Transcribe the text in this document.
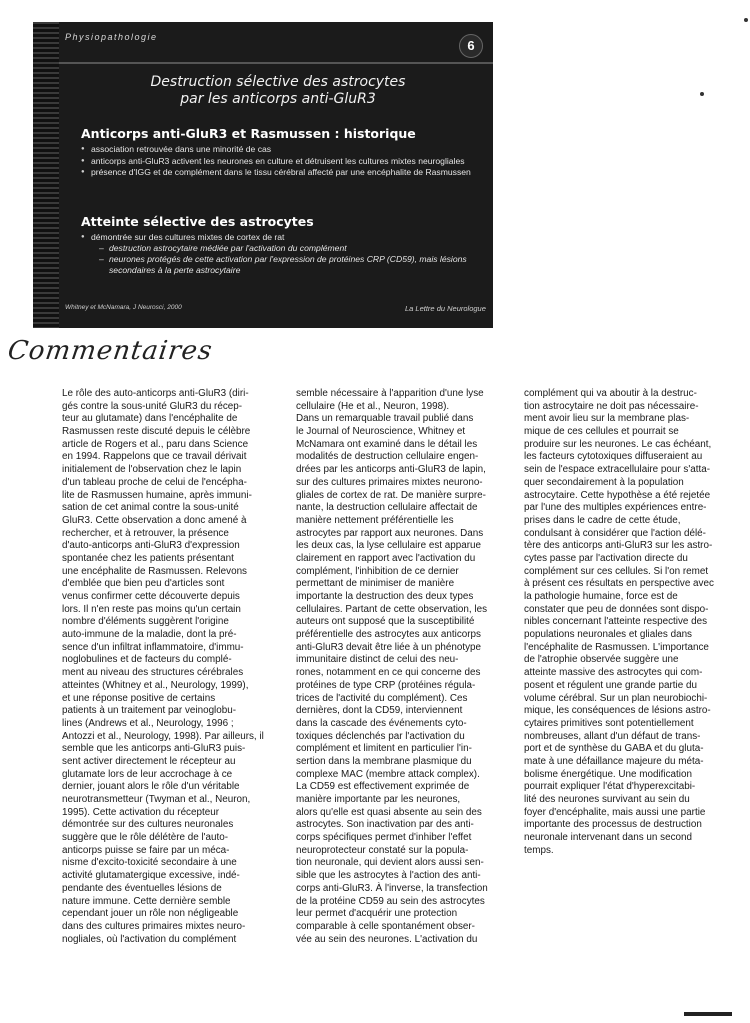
Physiopathologie
6
Destruction sélective des astrocytes
par les anticorps anti-GluR3
Anticorps anti-GluR3 et Rasmussen : historique
● association retrouvée dans une minorité de cas
● anticorps anti-GluR3 activent les neurones en culture et détruisent les cultures mixtes neurogliales
● présence d'IGG et de complément dans le tissu cérébral affecté par une encéphalite de Rasmussen
Atteinte sélective des astrocytes
● démontrée sur des cultures mixtes de cortex de rat
– destruction astrocytaire médiée par l'activation du complément
– neurones protégés de cette activation par l'expression de protéines CRP (CD59), mais lésions secondaires à la perte astrocytaire
Whitney et McNamara, J Neurosci, 2000	La Lettre du Neurologue
Commentaires
Le rôle des auto-anticorps anti-GluR3 (diri-
gés contre la sous-unité GluR3 du récep-
teur au glutamate) dans l'encéphalite de
Rasmussen reste discuté depuis le célèbre
article de Rogers et al., paru dans Science
en 1994. Rappelons que ce travail dérivait
initialement de l'observation chez le lapin
d'un tableau proche de celui de l'encépha-
lite de Rasmussen humaine, après immuni-
sation de cet animal contre la sous-unité
GluR3. Cette observation a donc amené à
rechercher, et à retrouver, la présence
d'auto-anticorps anti-GluR3 d'expression
spontanée chez les patients présentant
une encéphalite de Rasmussen. Relevons
d'emblée que bien peu d'articles sont
venus confirmer cette découverte depuis
lors. Il n'en reste pas moins qu'un certain
nombre d'éléments suggèrent l'origine
auto-immune de la maladie, dont la pré-
sence d'un infiltrat inflammatoire, d'immu-
noglobulines et de facteurs du complé-
ment au niveau des structures cérébrales
atteintes (Whitney et al., Neurology, 1999),
et une réponse positive de certains
patients à un traitement par veinoglobu-
lines (Andrews et al., Neurology, 1996 ;
Antozzi et al., Neurology, 1998). Par ailleurs, il
semble que les anticorps anti-GluR3 puis-
sent activer directement le récepteur au
glutamate lors de leur accrochage à ce
dernier, jouant alors le rôle d'un véritable
neurotransmetteur (Twyman et al., Neuron,
1995). Cette activation du récepteur
démontrée sur des cultures neuronales
suggère que le rôle délétère de l'auto-
anticorps puisse se faire par un méca-
nisme d'excito-toxicité secondaire à une
activité glutamatergique excessive, indé-
pendante des éventuelles lésions de
nature immune. Cette dernière semble
cependant jouer un rôle non négligeable
dans des cultures primaires mixtes neuro-
nogliales, où l'activation du complément
semble nécessaire à l'apparition d'une lyse
cellulaire (He et al., Neuron, 1998).
Dans un remarquable travail publié dans
le Journal of Neuroscience, Whitney et
McNamara ont examiné dans le détail les
modalités de destruction cellulaire engen-
drées par les anticorps anti-GluR3 de lapin,
sur des cultures primaires mixtes neurono-
gliales de cortex de rat. De manière surpre-
nante, la destruction cellulaire affectait de
manière nettement préférentielle les
astrocytes par rapport aux neurones. Dans
les deux cas, la lyse cellulaire est apparue
clairement en rapport avec l'activation du
complément, l'inhibition de ce dernier
permettant de minimiser de manière
importante la destruction des deux types
cellulaires. Partant de cette observation, les
auteurs ont supposé que la susceptibilité
préférentielle des astrocytes aux anticorps
anti-GluR3 devait être liée à un phénotype
immunitaire distinct de celui des neu-
rones, notamment en ce qui concerne des
protéines de type CRP (protéines régula-
trices de l'activité du complément). Ces
dernières, dont la CD59, interviennent
dans la cascade des événements cyto-
toxiques déclenchés par l'activation du
complément et limitent en particulier l'in-
sertion dans la membrane plasmique du
complexe MAC (membre attack complex).
La CD59 est effectivement exprimée de
manière importante par les neurones,
alors qu'elle est quasi absente au sein des
astrocytes. Son inactivation par des anti-
corps spécifiques permet d'inhiber l'effet
neuroprotecteur constaté sur la popula-
tion neuronale, qui devient alors aussi sen-
sible que les astrocytes à l'action des anti-
corps anti-GluR3. À l'inverse, la transfection
de la protéine CD59 au sein des astrocytes
leur permet d'acquérir une protection
comparable à celle spontanément obser-
vée au sein des neurones. L'activation du
complément qui va aboutir à la destruc-
tion astrocytaire ne doit pas nécessaire-
ment avoir lieu sur la membrane plas-
mique de ces cellules et pourrait se
produire sur les neurones. Le cas échéant,
les facteurs cytotoxiques diffuseraient au
sein de l'espace extracellulaire pour s'atta-
quer secondairement à la population
astrocytaire. Cette hypothèse a été rejetée
par l'une des multiples expériences entre-
prises dans le cadre de cette étude,
condulsant à considérer que l'action délé-
tère des anticorps anti-GluR3 sur les astro-
cytes passe par l'activation directe du
complément sur ces cellules. Si l'on remet
à présent ces résultats en perspective avec
la pathologie humaine, force est de
constater que peu de données sont dispo-
nibles concernant l'atteinte respective des
populations neuronales et gliales dans
l'encéphalite de Rasmussen. L'importance
de l'atrophie observée suggère une
atteinte massive des astrocytes qui com-
posent et régulent une grande partie du
volume cérébral. Sur un plan neurobiochi-
mique, les conséquences de lésions astro-
cytaires primitives sont potentiellement
nombreuses, allant d'un défaut de trans-
port et de synthèse du GABA et du gluta-
mate à une défaillance majeure du méta-
bolisme énergétique. Une modification
pourrait expliquer l'état d'hyperexcitabi-
lité des neurones survivant au sein du
foyer d'encéphalite, mais aussi une partie
importante des processus de destruction
neuronale intervenant dans un second
temps.
